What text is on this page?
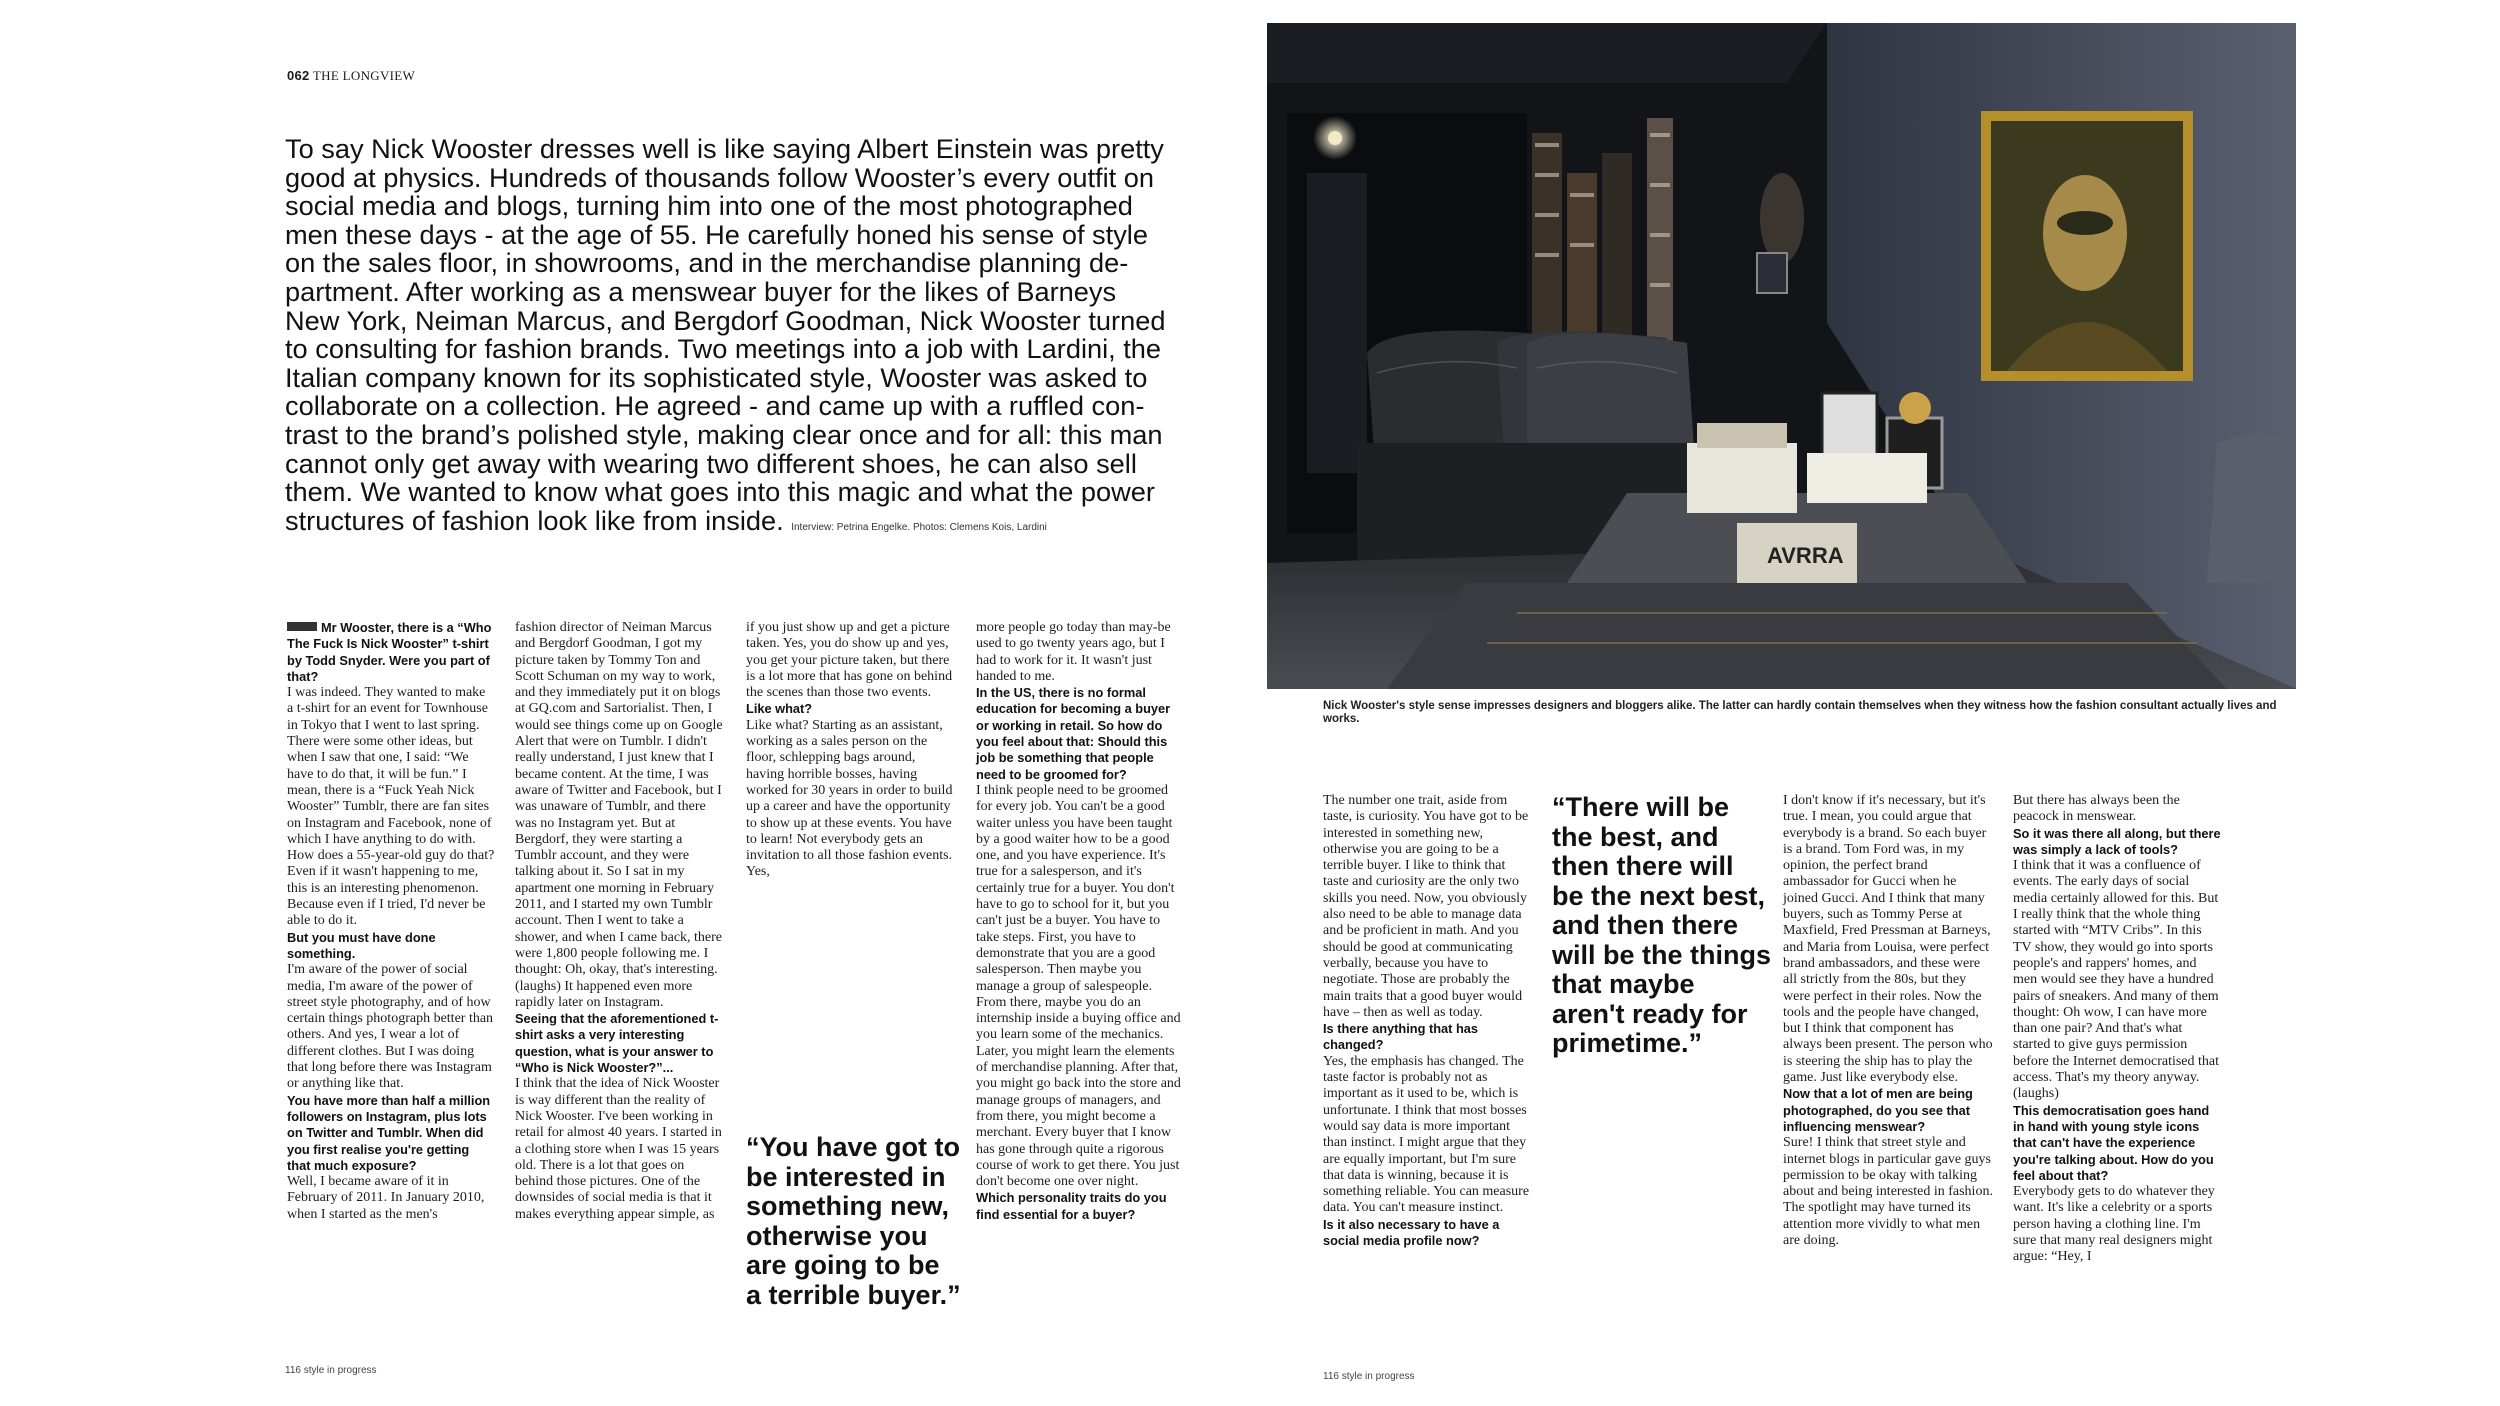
062 THE LONGVIEW
To say Nick Wooster dresses well is like saying Albert Einstein was pretty
good at physics. Hundreds of thousands follow Wooster’s every outfit on
social media and blogs, turning him into one of the most photographed
men these days - at the age of 55. He carefully honed his sense of style
on the sales floor, in showrooms, and in the merchandise planning de-
partment. After working as a menswear buyer for the likes of Barneys
New York, Neiman Marcus, and Bergdorf Goodman, Nick Wooster turned
to consulting for fashion brands. Two meetings into a job with Lardini, the
Italian company known for its sophisticated style, Wooster was asked to
collaborate on a collection. He agreed - and came up with a ruffled con-
trast to the brand’s polished style, making clear once and for all: this man
cannot only get away with wearing two different shoes, he can also sell
them. We wanted to know what goes into this magic and what the power
structures of fashion look like from inside. Interview: Petrina Engelke. Photos: Clemens Kois, Lardini

Mr Wooster, there is a “Who The Fuck Is Nick Wooster” t-shirt by Todd Snyder. Were you part of that?

I was indeed. They wanted to make a t-shirt for an event for Townhouse in Tokyo that I went to last spring. There were some other ideas, but when I saw that one, I said: “We have to do that, it will be fun.” I mean, there is a “Fuck Yeah Nick Wooster” Tumblr, there are fan sites on Instagram and Facebook, none of which I have anything to do with. How does a 55-year-old guy do that? Even if it wasn't happening to me, this is an interesting phenomenon. Because even if I tried, I'd never be able to do it.

But you must have done something.

I'm aware of the power of social media, I'm aware of the power of street style photography, and of how certain things photograph better than others. And yes, I wear a lot of different clothes. But I was doing that long before there was Instagram or anything like that.

You have more than half a million followers on Instagram, plus lots on Twitter and Tumblr. When did you first realise you're getting that much exposure?

Well, I became aware of it in February of 2011. In January 2010, when I started as the men's

fashion director of Neiman Marcus and Bergdorf Goodman, I got my picture taken by Tommy Ton and Scott Schuman on my way to work, and they immediately put it on blogs at GQ.com and Sartorialist. Then, I would see things come up on Google Alert that were on Tumblr. I didn't really understand, I just knew that I became content. At the time, I was aware of Twitter and Facebook, but I was unaware of Tumblr, and there was no Instagram yet. But at Bergdorf, they were starting a Tumblr account, and they were talking about it. So I sat in my apartment one morning in February 2011, and I started my own Tumblr account. Then I went to take a shower, and when I came back, there were 1,800 people following me. I thought: Oh, okay, that's interesting. (laughs) It happened even more rapidly later on Instagram.

Seeing that the aforementioned t-shirt asks a very interesting question, what is your answer to “Who is Nick Wooster?”...

I think that the idea of Nick Wooster is way different than the reality of Nick Wooster. I've been working in retail for almost 40 years. I started in a clothing store when I was 15 years old. There is a lot that goes on behind those pictures. One of the downsides of social media is that it makes everything appear simple, as

if you just show up and get a picture taken. Yes, you do show up and yes, you get your picture taken, but there is a lot more that has gone on behind the scenes than those two events.

Like what?

Like what? Starting as an assistant, working as a sales person on the floor, schlepping bags around, having horrible bosses, having worked for 30 years in order to build up a career and have the opportunity to show up at these events. You have to learn! Not everybody gets an invitation to all those fashion events. Yes,

“You have got to be interested in something new, otherwise you are going to be a terrible buyer.”

more people go today than may-be used to go twenty years ago, but I had to work for it. It wasn't just handed to me.

In the US, there is no formal education for becoming a buyer or working in retail. So how do you feel about that: Should this job be something that people need to be groomed for?

I think people need to be groomed for every job. You can't be a good waiter unless you have been taught by a good waiter how to be a good one, and you have experience. It's true for a salesperson, and it's certainly true for a buyer. You don't have to go to school for it, but you can't just be a buyer. You have to take steps. First, you have to demonstrate that you are a good salesperson. Then maybe you manage a group of salespeople. From there, maybe you do an internship inside a buying office and you learn some of the mechanics. Later, you might learn the elements of merchandise planning. After that, you might go back into the store and manage groups of managers, and from there, you might become a merchant. Every buyer that I know has gone through quite a rigorous course of work to get there. You just don't become one over night.

Which personality traits do you find essential for a buyer?

116 style in progress
AVRRA

Nick Wooster's style sense impresses designers and bloggers alike. The latter can hardly contain themselves when they witness how the fashion consultant actually lives and works.

The number one trait, aside from taste, is curiosity. You have got to be interested in something new, otherwise you are going to be a terrible buyer. I like to think that taste and curiosity are the only two skills you need. Now, you obviously also need to be able to manage data and be proficient in math. And you should be good at communicating verbally, because you have to negotiate. Those are probably the main traits that a good buyer would have – then as well as today.

Is there anything that has changed?

Yes, the emphasis has changed. The taste factor is probably not as important as it used to be, which is unfortunate. I think that most bosses would say data is more important than instinct. I might argue that they are equally important, but I'm sure that data is winning, because it is something reliable. You can measure data. You can't measure instinct.

Is it also necessary to have a social media profile now?

“There will be the best, and then there will be the next best, and then there will be the things that maybe aren't ready for primetime.”

I don't know if it's necessary, but it's true. I mean, you could argue that everybody is a brand. So each buyer is a brand. Tom Ford was, in my opinion, the perfect brand ambassador for Gucci when he joined Gucci. And I think that many buyers, such as Tommy Perse at Maxfield, Fred Pressman at Barneys, and Maria from Louisa, were perfect brand ambassadors, and these were all strictly from the 80s, but they were perfect in their roles. Now the tools and the people have changed, but I think that component has always been present. The person who is steering the ship has to play the game. Just like everybody else.

Now that a lot of men are being photographed, do you see that influencing menswear?

Sure! I think that street style and internet blogs in particular gave guys permission to be okay with talking about and being interested in fashion. The spotlight may have turned its attention more vividly to what men are doing.

But there has always been the peacock in menswear.

So it was there all along, but there was simply a lack of tools?

I think that it was a confluence of events. The early days of social media certainly allowed for this. But I really think that the whole thing started with “MTV Cribs”. In this TV show, they would go into sports people's and rappers' homes, and men would see they have a hundred pairs of sneakers. And many of them thought: Oh wow, I can have more than one pair? And that's what started to give guys permission before the Internet democratised that access. That's my theory anyway. (laughs)

This democratisation goes hand in hand with young style icons that can't have the experience you're talking about. How do you feel about that?

Everybody gets to do whatever they want. It's like a celebrity or a sports person having a clothing line. I'm sure that many real designers might argue: “Hey, I

116 style in progress
